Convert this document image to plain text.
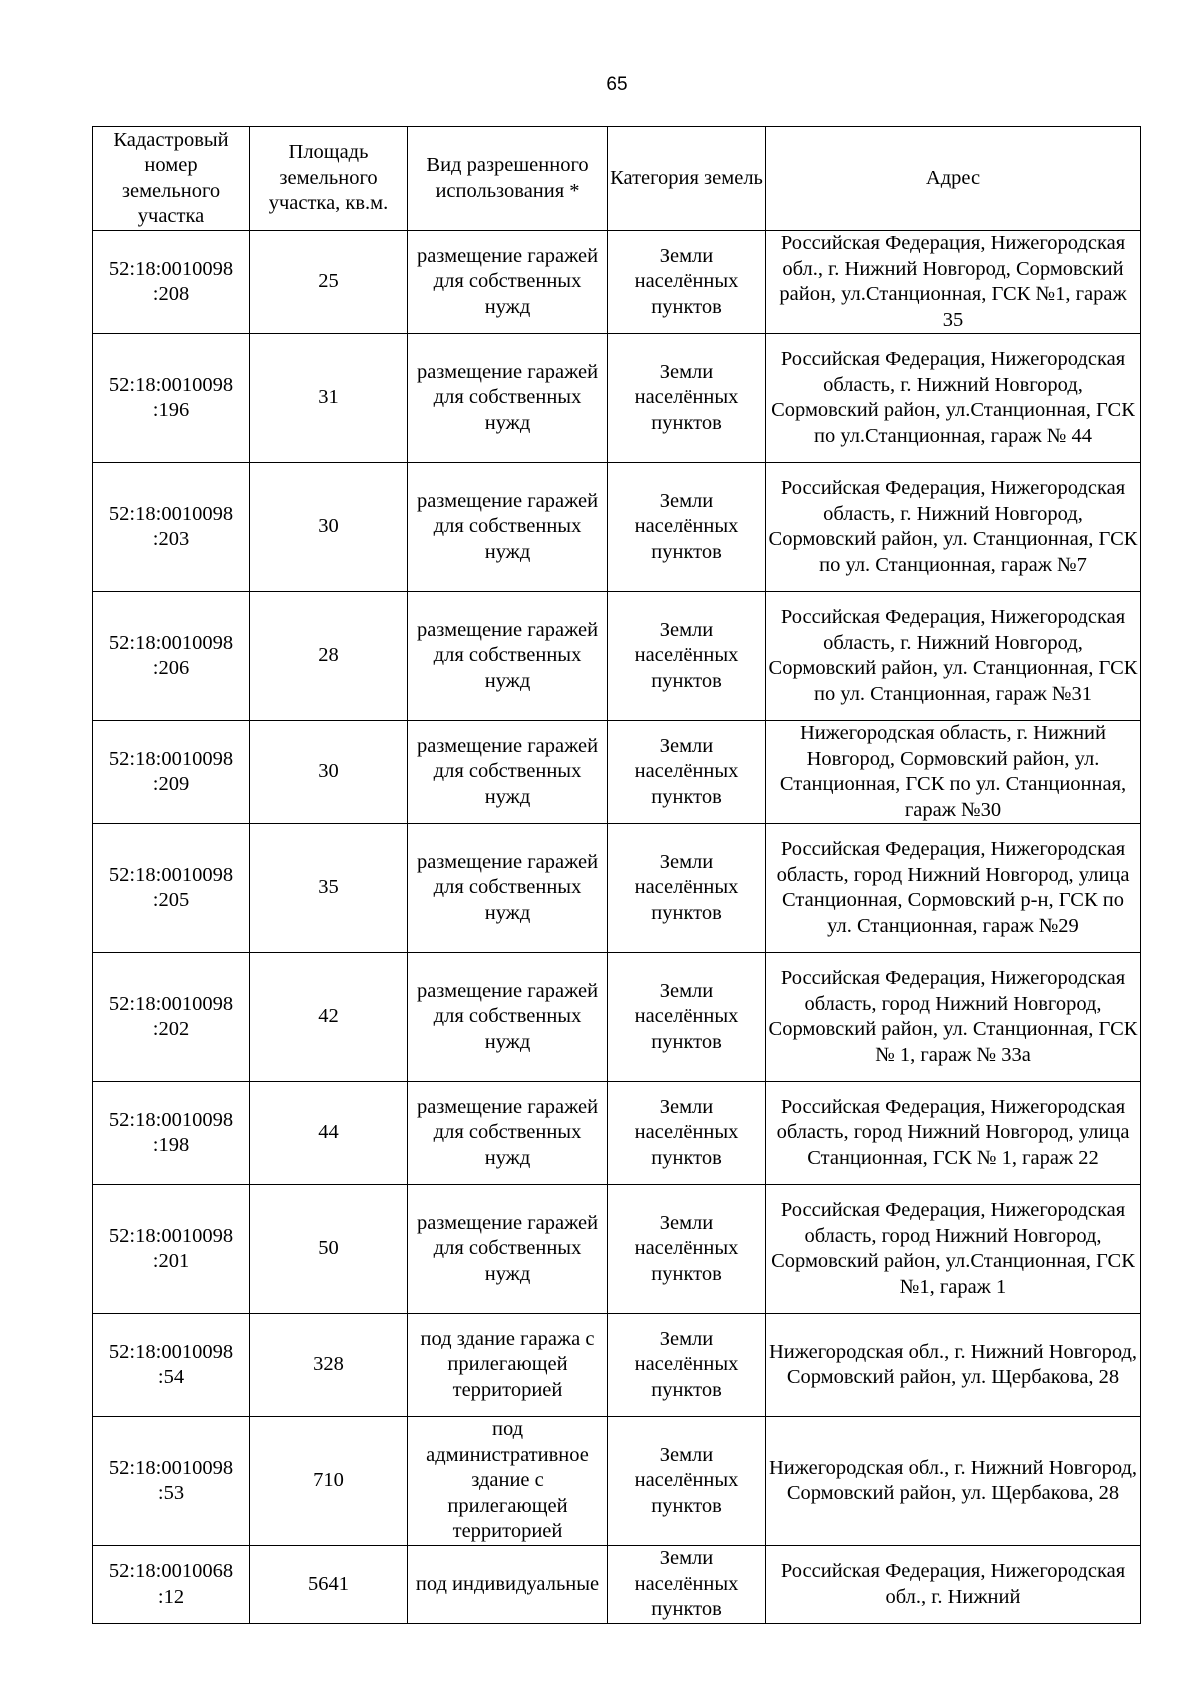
65
Кадастровый номер земельного участка	Площадь земельного участка, кв.м.	Вид разрешенного использования *	Категория земель	Адрес
52:18:0010098 :208	25	размещение гаражей для собственных нужд	Земли населённых пунктов	Российская Федерация, Нижегородская обл., г. Нижний Новгород, Сормовский район, ул.Станционная, ГСК №1, гараж 35
52:18:0010098 :196	31	размещение гаражей для собственных нужд	Земли населённых пунктов	Российская Федерация, Нижегородская область, г. Нижний Новгород, Сормовский район, ул.Станционная, ГСК по ул.Станционная, гараж № 44
52:18:0010098 :203	30	размещение гаражей для собственных нужд	Земли населённых пунктов	Российская Федерация, Нижегородская область, г. Нижний Новгород, Сормовский район, ул. Станционная, ГСК по ул. Станционная, гараж №7
52:18:0010098 :206	28	размещение гаражей для собственных нужд	Земли населённых пунктов	Российская Федерация, Нижегородская область, г. Нижний Новгород, Сормовский район, ул. Станционная, ГСК по ул. Станционная, гараж №31
52:18:0010098 :209	30	размещение гаражей для собственных нужд	Земли населённых пунктов	Нижегородская область, г. Нижний Новгород, Сормовский район, ул. Станционная, ГСК по ул. Станционная, гараж №30
52:18:0010098 :205	35	размещение гаражей для собственных нужд	Земли населённых пунктов	Российская Федерация, Нижегородская область, город Нижний Новгород, улица Станционная, Сормовский р-н, ГСК по ул. Станционная, гараж №29
52:18:0010098 :202	42	размещение гаражей для собственных нужд	Земли населённых пунктов	Российская Федерация, Нижегородская область, город Нижний Новгород, Сормовский район, ул. Станционная, ГСК № 1, гараж № 33а
52:18:0010098 :198	44	размещение гаражей для собственных нужд	Земли населённых пунктов	Российская Федерация, Нижегородская область, город Нижний Новгород, улица Станционная, ГСК № 1, гараж 22
52:18:0010098 :201	50	размещение гаражей для собственных нужд	Земли населённых пунктов	Российская Федерация, Нижегородская область, город Нижний Новгород, Сормовский район, ул.Станционная, ГСК №1, гараж 1
52:18:0010098 :54	328	под здание гаража с прилегающей территорией	Земли населённых пунктов	Нижегородская обл., г. Нижний Новгород, Сормовский район, ул. Щербакова, 28
52:18:0010098 :53	710	под административное здание с прилегающей территорией	Земли населённых пунктов	Нижегородская обл., г. Нижний Новгород, Сормовский район, ул. Щербакова, 28
52:18:0010068 :12	5641	под индивидуальные	Земли населённых пунктов	Российская Федерация, Нижегородская обл., г. Нижний
